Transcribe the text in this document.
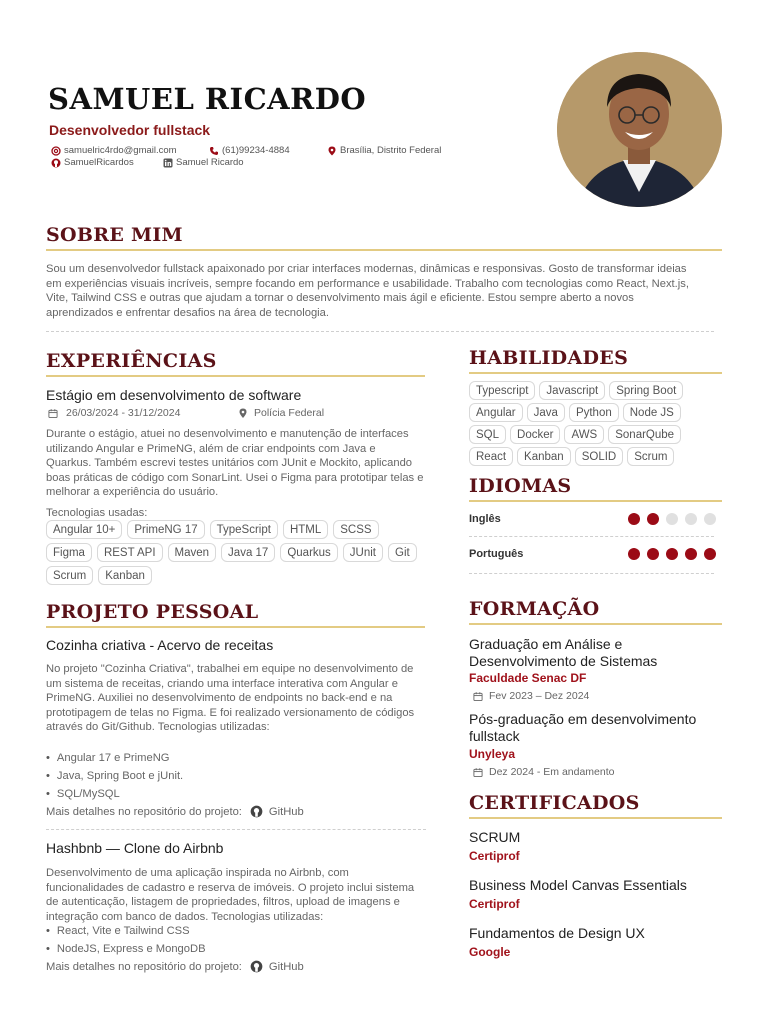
SAMUEL RICARDO
Desenvolvedor fullstack
samuelric4rdo@gmail.com	(61)99234-4884	Brasília, Distrito Federal
SamuelRicardos	Samuel Ricardo
SOBRE MIM
Sou um desenvolvedor fullstack apaixonado por criar interfaces modernas, dinâmicas e responsivas. Gosto de transformar ideias em experiências visuais incríveis, sempre focando em performance e usabilidade. Trabalho com tecnologias como React, Next.js, Vite, Tailwind CSS e outras que ajudam a tornar o desenvolvimento mais ágil e eficiente. Estou sempre aberto a novos aprendizados e enfrentar desafios na área de tecnologia.
EXPERIÊNCIAS
Estágio em desenvolvimento de software
26/03/2024 - 31/12/2024	Polícia Federal
Durante o estágio, atuei no desenvolvimento e manutenção de interfaces utilizando Angular e PrimeNG, além de criar endpoints com Java e Quarkus. Também escrevi testes unitários com JUnit e Mockito, aplicando boas práticas de código com SonarLint. Usei o Figma para prototipar telas e melhorar a experiência do usuário.
Tecnologias usadas:
Angular 10+	PrimeNG 17	TypeScript	HTML	SCSS
Figma	REST API	Maven	Java 17	Quarkus	JUnit	Git
Scrum	Kanban
PROJETO PESSOAL
Cozinha criativa - Acervo de receitas
No projeto "Cozinha Criativa", trabalhei em equipe no desenvolvimento de um sistema de receitas, criando uma interface interativa com Angular e PrimeNG. Auxiliei no desenvolvimento de endpoints no back-end e na prototipagem de telas no Figma. E foi realizado versionamento de códigos através do Git/Github. Tecnologias utilizadas:
• Angular 17 e PrimeNG
• Java, Spring Boot e jUnit.
• SQL/MySQL
Mais detalhes no repositório do projeto: GitHub
Hashbnb — Clone do Airbnb
Desenvolvimento de uma aplicação inspirada no Airbnb, com funcionalidades de cadastro e reserva de imóveis. O projeto inclui sistema de autenticação, listagem de propriedades, filtros, upload de imagens e integração com banco de dados. Tecnologias utilizadas:
• React, Vite e Tailwind CSS
• NodeJS, Express e MongoDB
Mais detalhes no repositório do projeto: GitHub
HABILIDADES
Typescript	Javascript	Spring Boot
Angular	Java	Python	Node JS
SQL	Docker	AWS	SonarQube
React	Kanban	SOLID	Scrum
IDIOMAS
Inglês
Português
FORMAÇÃO
Graduação em Análise e Desenvolvimento de Sistemas
Faculdade Senac DF
Fev 2023 – Dez 2024
Pós-graduação em desenvolvimento fullstack
Unyleya
Dez 2024 - Em andamento
CERTIFICADOS
SCRUM
Certiprof
Business Model Canvas Essentials
Certiprof
Fundamentos de Design UX
Google
